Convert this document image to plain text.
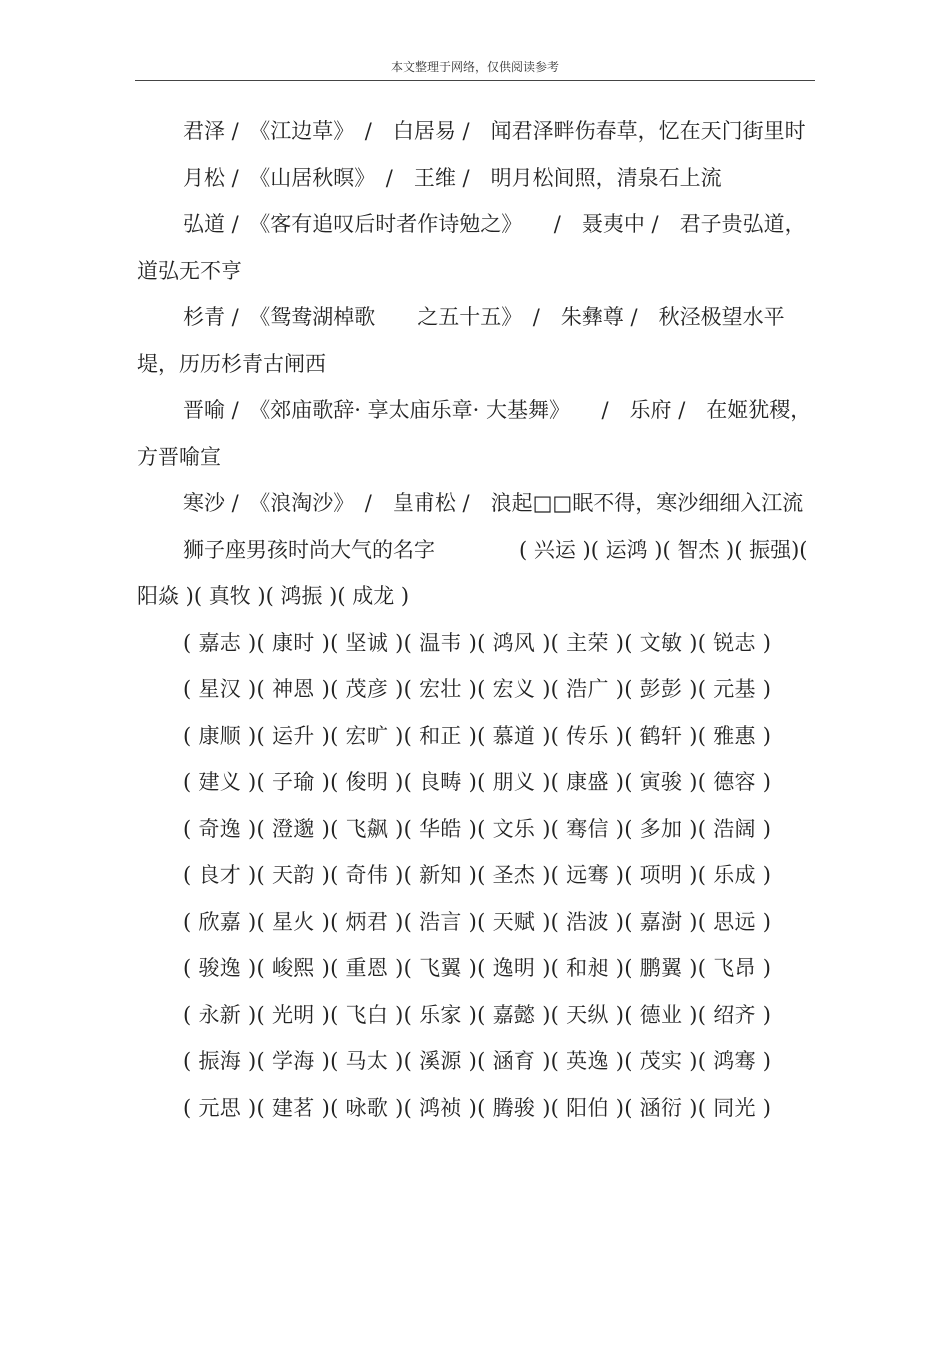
本文整理于网络，仅供阅读参考

君泽 /　《江边草》　/　白居易 /　闻君泽畔伤春草，忆在天门街里时

月松 /　《山居秋暝》　/　王维 /　明月松间照，清泉石上流

弘道 /　《客有追叹后时者作诗勉之》　　/　聂夷中 /　君子贵弘道，道弘无不亨

杉青 /　《鸳鸯湖棹歌　　之五十五》　/　朱彝尊 /　秋泾极望水平堤，历历杉青古闸西

晋喻 /　《郊庙歌辞· 享太庙乐章· 大基舞》　　/　乐府 /　在姬犹稷，方晋喻宣

寒沙 /　《浪淘沙》　/　皇甫松 /　浪起□□眠不得，寒沙细细入江流

狮子座男孩时尚大气的名字　　　　( 兴运 )( 运鸿 )( 智杰 )( 振强)( 阳焱 )( 真牧 )( 鸿振 )( 成龙 )

( 嘉志 )( 康时 )( 坚诚 )( 温韦 )( 鸿风 )( 主荣 )( 文敏 )( 锐志 )

( 星汉 )( 神恩 )( 茂彦 )( 宏壮 )( 宏义 )( 浩广 )( 彭彭 )( 元基 )

( 康顺 )( 运升 )( 宏旷 )( 和正 )( 慕道 )( 传乐 )( 鹤轩 )( 雅惠 )

( 建义 )( 子瑜 )( 俊明 )( 良畴 )( 朋义 )( 康盛 )( 寅骏 )( 德容 )

( 奇逸 )( 澄邈 )( 飞飙 )( 华皓 )( 文乐 )( 骞信 )( 多加 )( 浩阔 )

( 良才 )( 天韵 )( 奇伟 )( 新知 )( 圣杰 )( 远骞 )( 项明 )( 乐成 )

( 欣嘉 )( 星火 )( 炳君 )( 浩言 )( 天赋 )( 浩波 )( 嘉澍 )( 思远 )

( 骏逸 )( 峻熙 )( 重恩 )( 飞翼 )( 逸明 )( 和昶 )( 鹏翼 )( 飞昂 )

( 永新 )( 光明 )( 飞白 )( 乐家 )( 嘉懿 )( 天纵 )( 德业 )( 绍齐 )

( 振海 )( 学海 )( 马太 )( 溪源 )( 涵育 )( 英逸 )( 茂实 )( 鸿骞 )

( 元思 )( 建茗 )( 咏歌 )( 鸿祯 )( 腾骏 )( 阳伯 )( 涵衍 )( 同光 )
